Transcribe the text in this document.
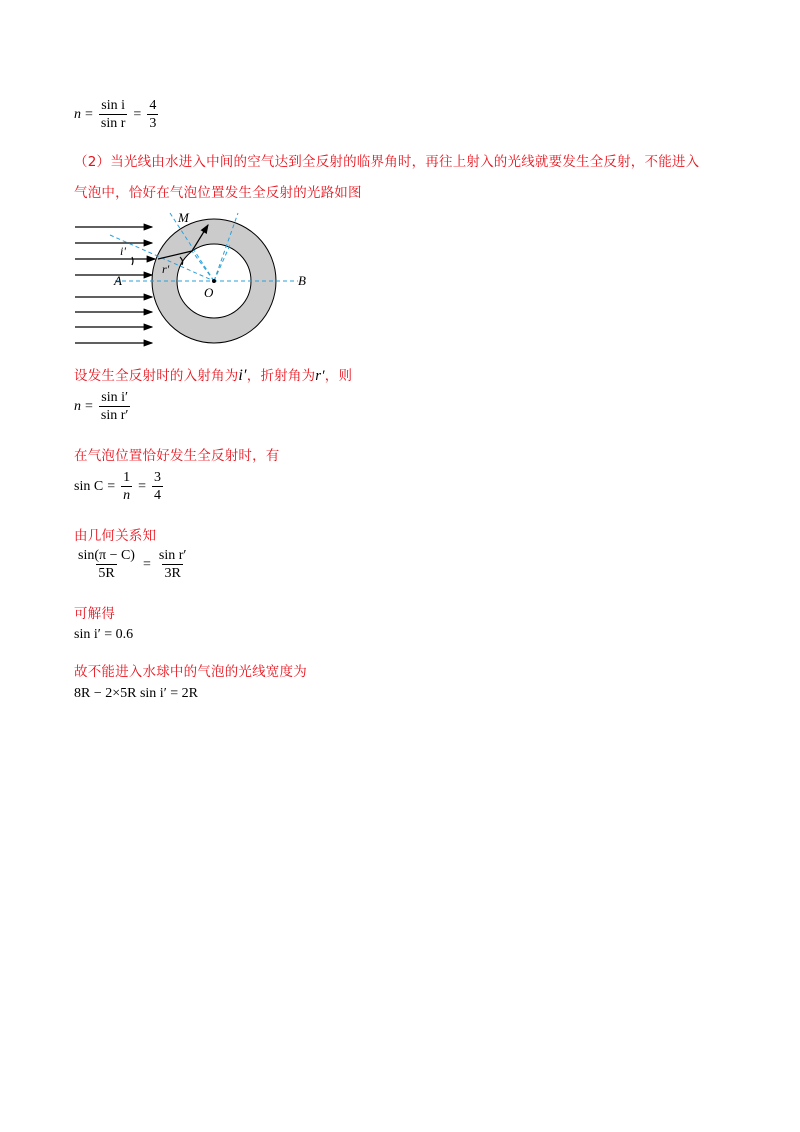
$n = \frac{\text{sin i}}{\text{sin r}} = \frac{4}{3}$
（2）当光线由水进入中间的空气达到全反射的临界角时，再往上射入的光线就要发生全反射，不能进入
气泡中，恰好在气泡位置发生全反射的光路如图
M
i'
r'
A
O
B
设发生全反射时的入射角为i′，折射角为r′，则
$n = \frac{\text{sin i′}}{\text{sin r′}}$
在气泡位置恰好发生全反射时，有
$\sin C = \frac{1}{n} = \frac{3}{4}$
由几何关系知
$\frac{\sin(\pi - C)}{5R} = \frac{\text{sin r′}}{3R}$
可解得
sin i′ = 0.6
故不能进入水球中的气泡的光线宽度为
8R − 2×5R sin i′ = 2R
